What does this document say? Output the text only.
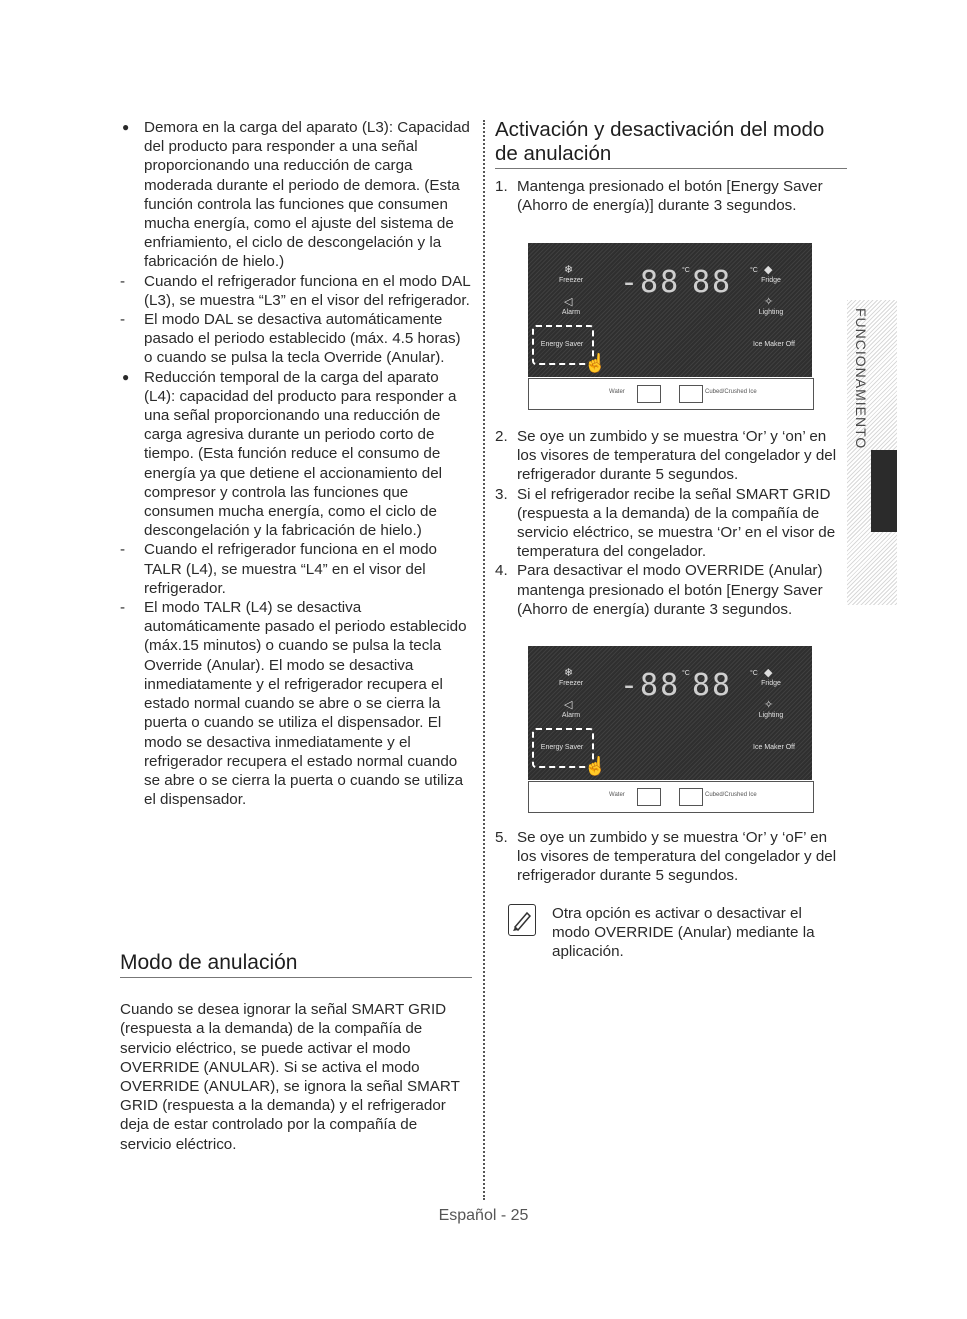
● Demora en la carga del aparato (L3): Capacidad del producto para responder a una señal proporcionando una reducción de carga moderada durante el periodo de demora. (Esta función controla las funciones que consumen mucha energía, como el ajuste del sistema de enfriamiento, el ciclo de descongelación y la fabricación de hielo.)

- Cuando el refrigerador funciona en el modo DAL (L3), se muestra “L3” en el visor del refrigerador.

- El modo DAL se desactiva automáticamente pasado el periodo establecido (máx. 4.5 horas) o cuando se pulsa la tecla Override (Anular).

● Reducción temporal de la carga del aparato (L4): capacidad del producto para responder a una señal proporcionando una reducción de carga agresiva durante un periodo corto de tiempo. (Esta función reduce el consumo de energía ya que detiene el accionamiento del compresor y controla las funciones que consumen mucha energía, como el ciclo de descongelación y la fabricación de hielo.)

- Cuando el refrigerador funciona en el modo TALR (L4), se muestra “L4” en el visor del refrigerador.

- El modo TALR (L4) se desactiva automáticamente pasado el periodo establecido (máx.15 minutos) o cuando se pulsa la tecla Override (Anular). El modo se desactiva inmediatamente y el refrigerador recupera el estado normal cuando se abre o se cierra la puerta o cuando se utiliza el dispensador. El modo se desactiva inmediatamente y el refrigerador recupera el estado normal cuando se abre o se cierra la puerta o cuando se utiliza el dispensador.

Modo de anulación

Cuando se desea ignorar la señal SMART GRID (respuesta a la demanda) de la compañía de servicio eléctrico, se puede activar el modo OVERRIDE (ANULAR). Si se activa el modo OVERRIDE (ANULAR), se ignora la señal SMART GRID (respuesta a la demanda) y el refrigerador deja de estar controlado por la compañía de servicio eléctrico.

Activación y desactivación del modo de anulación

1. Mantenga presionado el botón [Energy Saver (Ahorro de energía)] durante 3 segundos.

❄
Freezer	-88 °C 88	°C ◆
Fridge
◁
Alarm
✧
Lighting
Energy Saver	Ice Maker Off
☝
Water	Cubed/Crushed Ice

2. Se oye un zumbido y se muestra ‘Or’ y ‘on’ en los visores de temperatura del congelador y del refrigerador durante 5 segundos.

3. Si el refrigerador recibe la señal SMART GRID (respuesta a la demanda) de la compañía de servicio eléctrico, se muestra ‘Or’ en el visor de temperatura del congelador.

4. Para desactivar el modo OVERRIDE (Anular) mantenga presionado el botón [Energy Saver (Ahorro de energía) durante 3 segundos.

❄
Freezer	-88 °C 88	°C ◆
Fridge
◁
Alarm
✧
Lighting
Energy Saver	Ice Maker Off
☝
Water	Cubed/Crushed Ice

5. Se oye un zumbido y se muestra ‘Or’ y ‘oF’ en los visores de temperatura del congelador y del refrigerador durante 5 segundos.

Otra opción es activar o desactivar el modo OVERRIDE (Anular) mediante la aplicación.

FUNCIONAMIENTO
Español - 25
